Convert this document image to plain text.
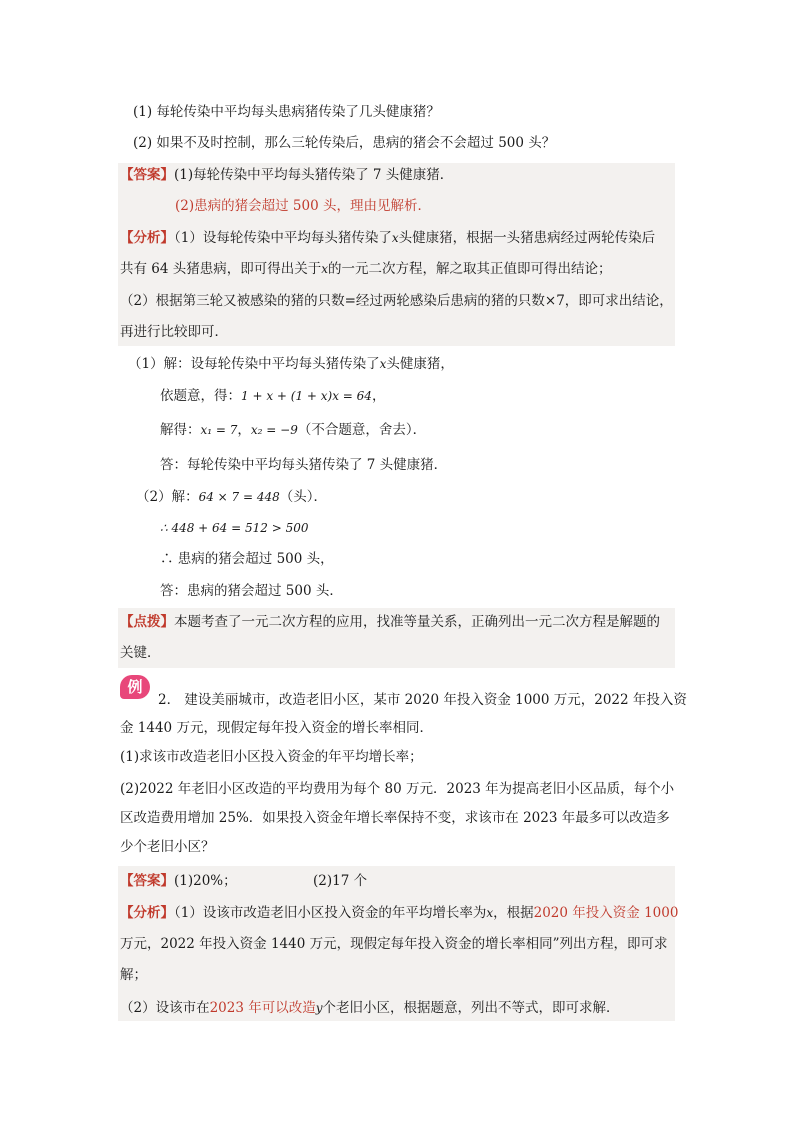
(1) 每轮传染中平均每头患病猪传染了几头健康猪？
(2) 如果不及时控制，那么三轮传染后，患病的猪会不会超过 500 头？
【答案】(1)每轮传染中平均每头猪传染了 7 头健康猪．
(2)患病的猪会超过 500 头，理由见解析．
【分析】（1）设每轮传染中平均每头猪传染了x头健康猪，根据一头猪患病经过两轮传染后
共有 64 头猪患病，即可得出关于x的一元二次方程，解之取其正值即可得出结论；
（2）根据第三轮又被感染的猪的只数=经过两轮感染后患病的猪的只数×7，即可求出结论，
再进行比较即可．
（1）解：设每轮传染中平均每头猪传染了x头健康猪，
依题意，得：1 + x + (1 + x)x = 64，
解得：x₁ = 7，x₂ = −9（不合题意，舍去）．
答：每轮传染中平均每头猪传染了 7 头健康猪．
（2）解：64 × 7 = 448（头）．
∴ 448 + 64 = 512 > 500
∴ 患病的猪会超过 500 头，
答：患病的猪会超过 500 头．
【点拨】本题考查了一元二次方程的应用，找准等量关系，正确列出一元二次方程是解题的
关键．
例
2． 建设美丽城市，改造老旧小区，某市 2020 年投入资金 1000 万元，2022 年投入资
金 1440 万元，现假定每年投入资金的增长率相同．
(1)求该市改造老旧小区投入资金的年平均增长率；
(2)2022 年老旧小区改造的平均费用为每个 80 万元．2023 年为提高老旧小区品质，每个小
区改造费用增加 25%．如果投入资金年增长率保持不变，求该市在 2023 年最多可以改造多
少个老旧小区？
【答案】(1)20%；	(2)17 个
【分析】（1）设该市改造老旧小区投入资金的年平均增长率为x，根据2020 年投入资金 1000
万元，2022 年投入资金 1440 万元，现假定每年投入资金的增长率相同”列出方程，即可求
解；
（2）设该市在2023 年可以改造y个老旧小区，根据题意，列出不等式，即可求解．
